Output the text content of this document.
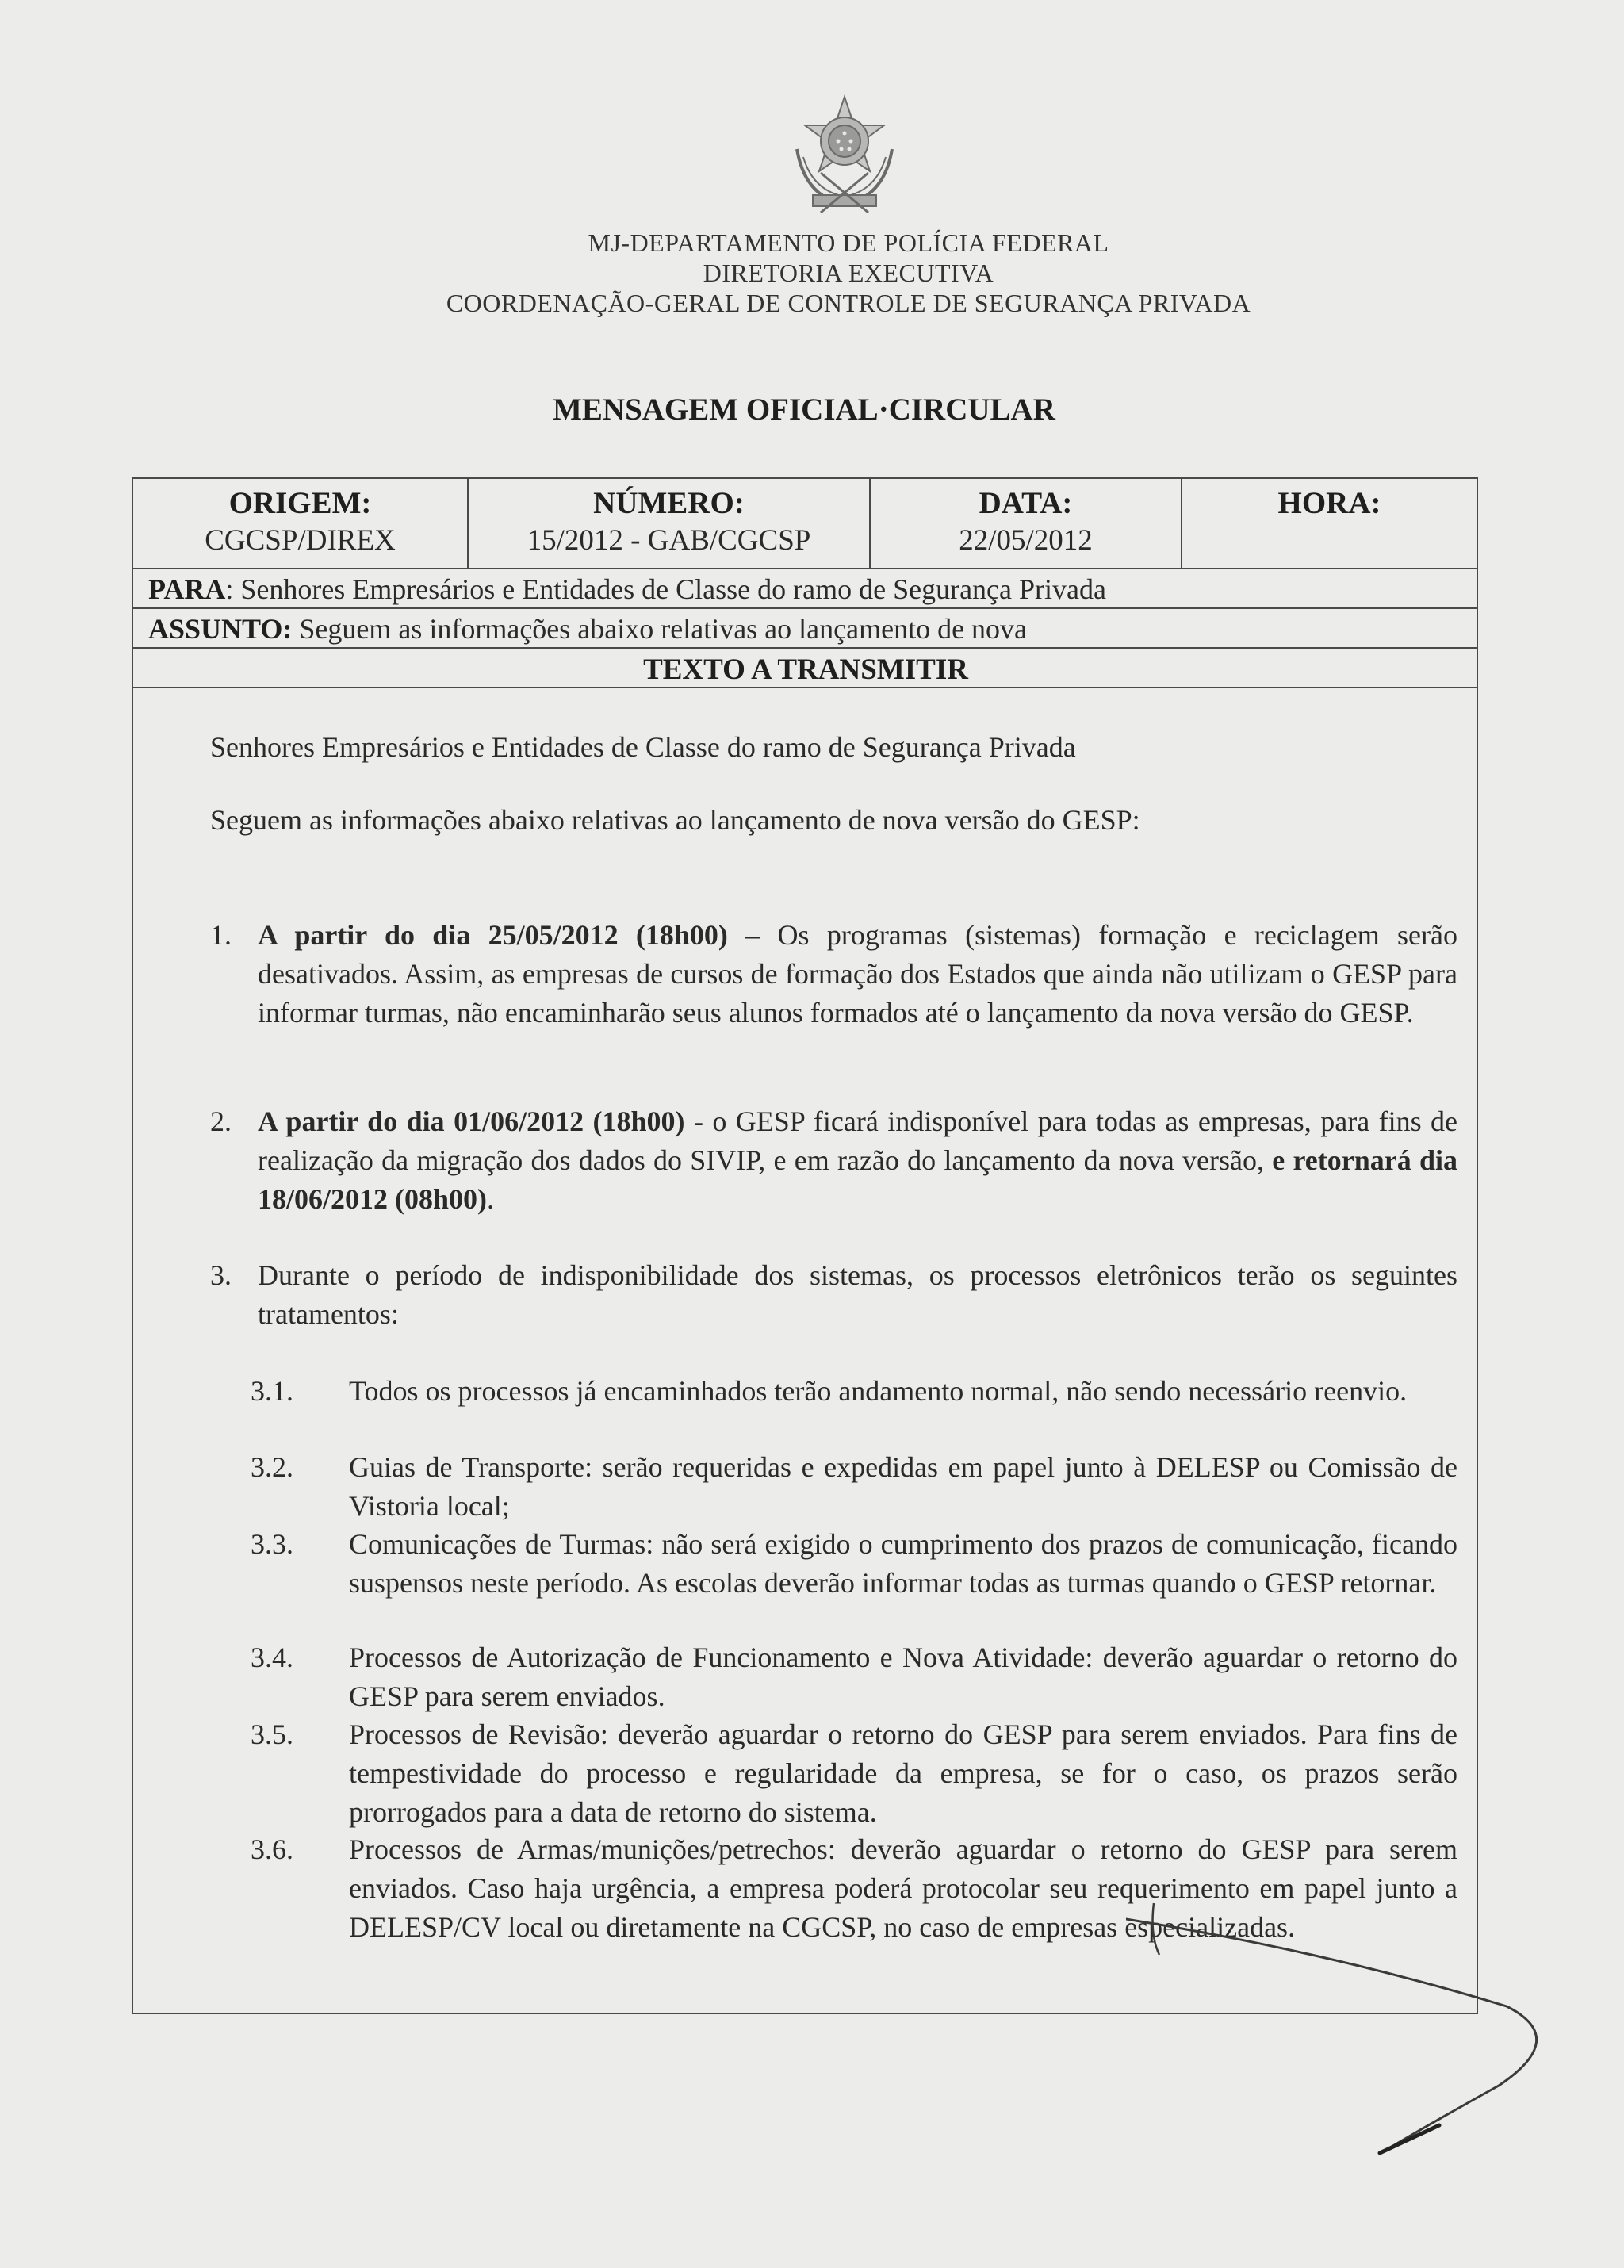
MJ-DEPARTAMENTO DE POLÍCIA FEDERAL
DIRETORIA EXECUTIVA
COORDENAÇÃO-GERAL DE CONTROLE DE SEGURANÇA PRIVADA
MENSAGEM OFICIAL·CIRCULAR
ORIGEM:
CGCSP/DIREX
NÚMERO:
15/2012 - GAB/CGCSP
DATA:
22/05/2012
HORA:
PARA: Senhores Empresários e Entidades de Classe do ramo de Segurança Privada
ASSUNTO: Seguem as informações abaixo relativas ao lançamento de nova
TEXTO A TRANSMITIR
Senhores Empresários e Entidades de Classe do ramo de Segurança Privada
Seguem as informações abaixo relativas ao lançamento de nova versão do GESP:
1. A partir do dia 25/05/2012 (18h00) – Os programas (sistemas) formação e reciclagem serão desativados. Assim, as empresas de cursos de formação dos Estados que ainda não utilizam o GESP para informar turmas, não encaminharão seus alunos formados até o lançamento da nova versão do GESP.
2. A partir do dia 01/06/2012 (18h00) - o GESP ficará indisponível para todas as empresas, para fins de realização da migração dos dados do SIVIP, e em razão do lançamento da nova versão, e retornará dia 18/06/2012 (08h00).
3. Durante o período de indisponibilidade dos sistemas, os processos eletrônicos terão os seguintes tratamentos:
3.1. Todos os processos já encaminhados terão andamento normal, não sendo necessário reenvio.
3.2. Guias de Transporte: serão requeridas e expedidas em papel junto à DELESP ou Comissão de Vistoria local;
3.3. Comunicações de Turmas: não será exigido o cumprimento dos prazos de comunicação, ficando suspensos neste período. As escolas deverão informar todas as turmas quando o GESP retornar.
3.4. Processos de Autorização de Funcionamento e Nova Atividade: deverão aguardar o retorno do GESP para serem enviados.
3.5. Processos de Revisão: deverão aguardar o retorno do GESP para serem enviados. Para fins de tempestividade do processo e regularidade da empresa, se for o caso, os prazos serão prorrogados para a data de retorno do sistema.
3.6. Processos de Armas/munições/petrechos: deverão aguardar o retorno do GESP para serem enviados. Caso haja urgência, a empresa poderá protocolar seu requerimento em papel junto a DELESP/CV local ou diretamente na CGCSP, no caso de empresas especializadas.
